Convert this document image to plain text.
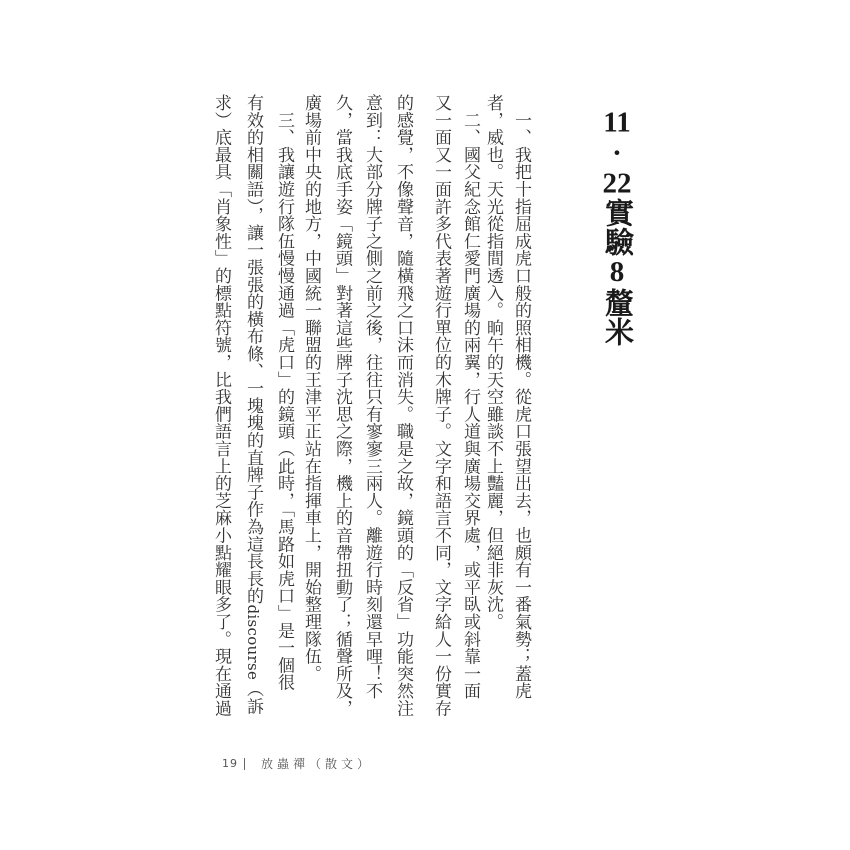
11·22實驗8釐米
　一、我把十指屈成虎口般的照相機。從虎口張望出去，也頗有一番氣勢；蓋虎
者，威也。天光從指間透入。晌午的天空雖談不上豔麗，但絕非灰沈。
　二、國父紀念館仁愛門廣場的兩翼，行人道與廣場交界處，或平臥或斜靠一面
又一面又一面許多代表著遊行單位的木牌子。文字和語言不同，文字給人一份實存
的感覺，不像聲音，隨橫飛之口沫而消失。職是之故，鏡頭的「反省」功能突然注
意到：大部分牌子之側之前之後，往往只有寥寥三兩人。離遊行時刻還早哩！不
久，當我底手姿「鏡頭」對著這些牌子沈思之際，機上的音帶扭動了；循聲所及，
廣場前中央的地方，中國統一聯盟的王津平正站在指揮車上，開始整理隊伍。
　三、我讓遊行隊伍慢慢通過「虎口」的鏡頭（此時，「馬路如虎口」是一個很
有效的相關語），讓一張張的橫布條、一塊塊的直牌子作為這長長的discourse（訴
求）底最具「肖象性」的標點符號，比我們語言上的芝麻小點耀眼多了。現在通過
19 放蟲禪（散文）
